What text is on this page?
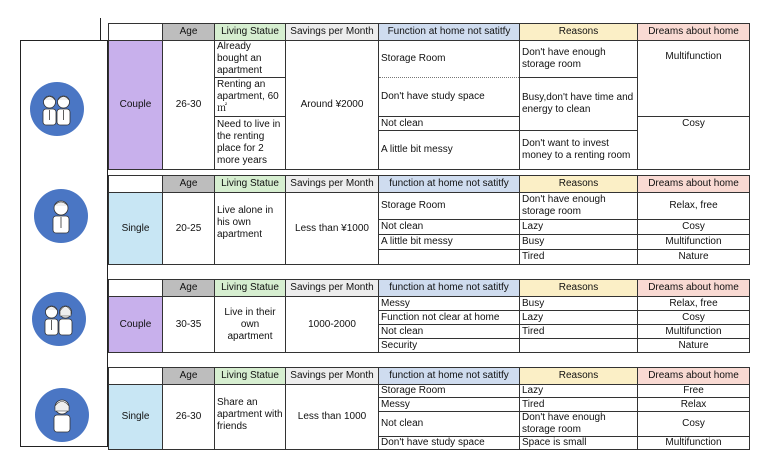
	Age	Living Statue	Savings per Month	Function at home not satitfy	Reasons	Dreams about home
Couple	26-30	Already bought an apartment	Around ¥2000	Storage Room	Don't have enough storage room	Multifunction
		Renting an apartment, 60㎡		Don't have study space	Busy,don't have time and energy to clean	
		Need to live in the renting place for 2 more years		Not clean		Cosy
				A little bit messy	Don't want to invest money to a renting room	
	Age	Living Statue	Savings per Month	function at home not satitfy	Reasons	Dreams about home
Single	20-25	Live alone in his own apartment	Less than ¥1000	Storage Room	Don't have enough storage room	Relax, free
				Not clean	Lazy	Cosy
				A little bit messy	Busy	Multifunction
					Tired	Nature
	Age	Living Statue	Savings per Month	function at home not satitfy	Reasons	Dreams about home
Couple	30-35	Live in their own apartment	1000-2000	Messy	Busy	Relax, free
				Function not clear at home	Lazy	Cosy
				Not clean	Tired	Multifunction
				Security		Nature
	Age	Living Statue	Savings per Month	function at home not satitfy	Reasons	Dreams about home
Single	26-30	Share an apartment with friends	Less than 1000	Storage Room	Lazy	Free
				Messy	Tired	Relax
				Not clean	Don't have enough storage room	Cosy
				Don't have study space	Space is small	Multifunction
